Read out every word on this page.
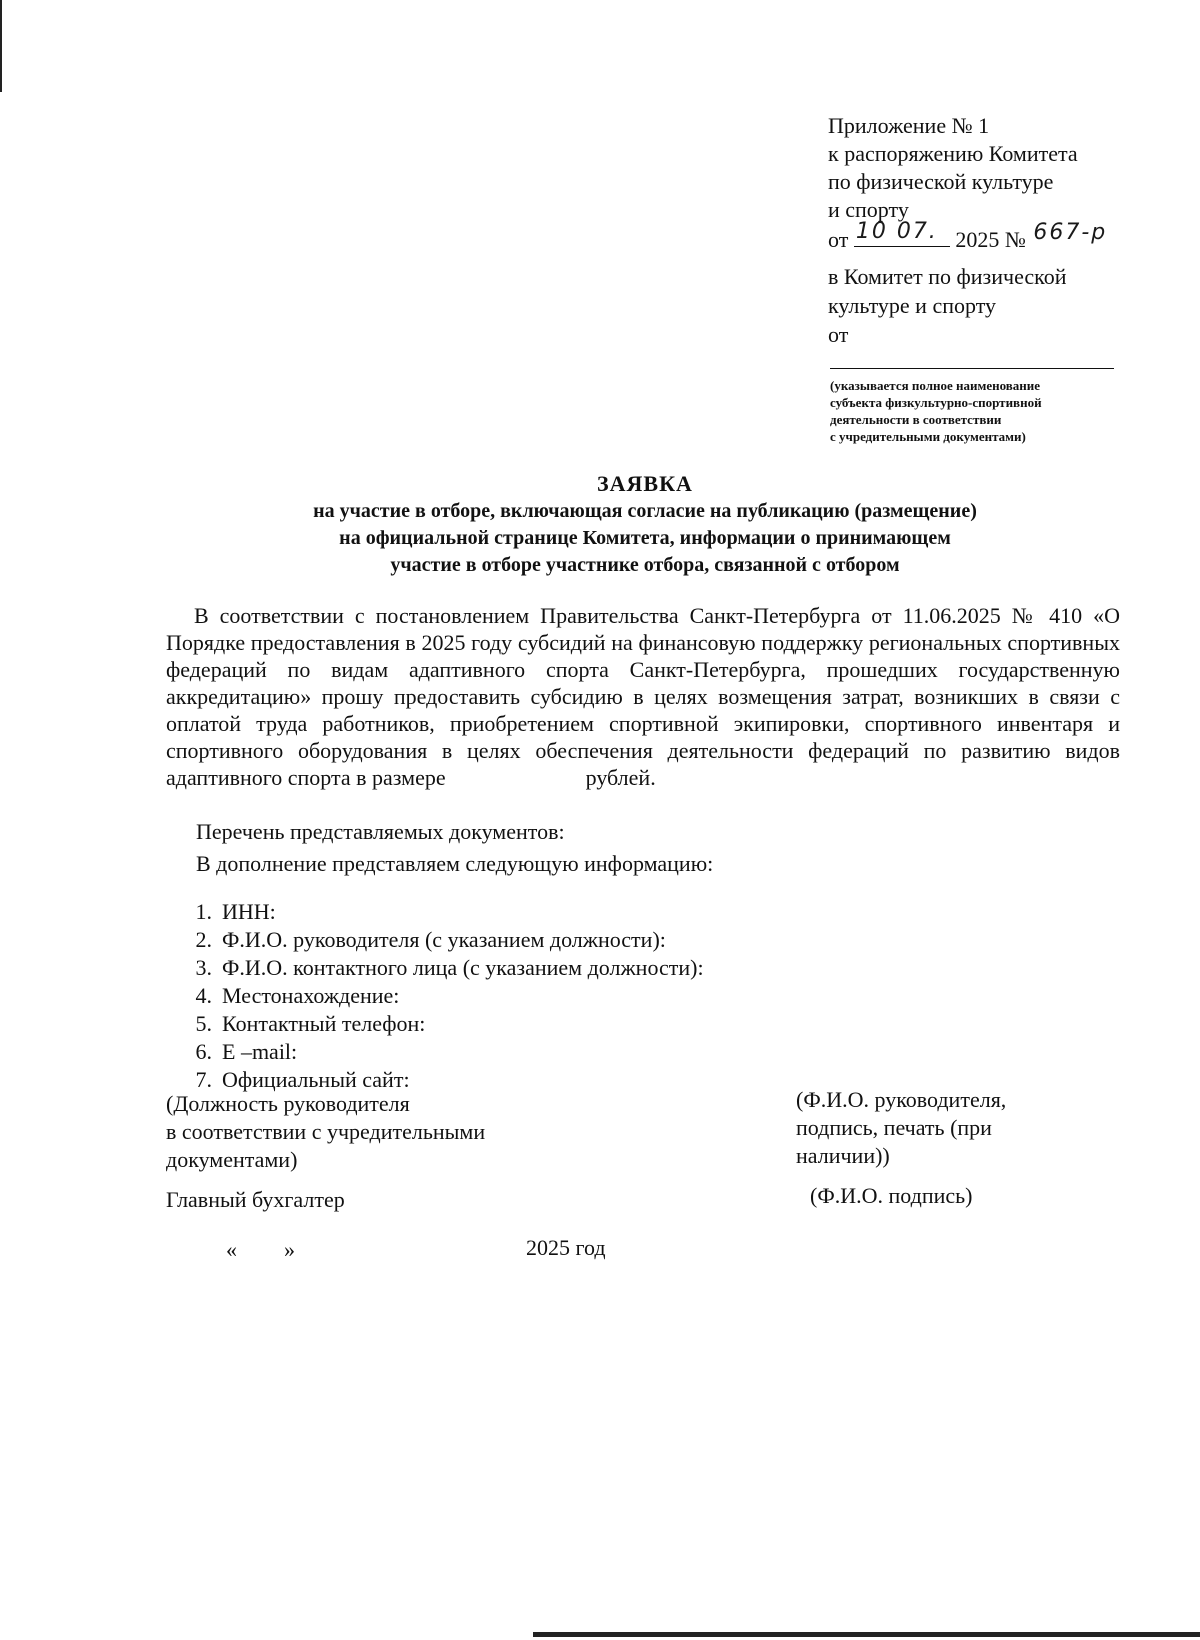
Приложение № 1
к распоряжению Комитета
по физической культуре
и спорту
от 10 07. 2025 № 667-р
в Комитет по физической
культуре и спорту
от
(указывается полное наименование
субъекта физкультурно-спортивной
деятельности в соответствии
с учредительными документами)
ЗАЯВКА
на участие в отборе, включающая согласие на публикацию (размещение)
на официальной странице Комитета, информации о принимающем
участие в отборе участнике отбора, связанной с отбором
В соответствии с постановлением Правительства Санкт-Петербурга от 11.06.2025 № 410 «О Порядке предоставления в 2025 году субсидий на финансовую поддержку региональных спортивных федераций по видам адаптивного спорта Санкт-Петербурга, прошедших государственную аккредитацию» прошу предоставить субсидию в целях возмещения затрат, возникших в связи с оплатой труда работников, приобретением спортивной экипировки, спортивного инвентаря и спортивного оборудования в целях обеспечения деятельности федераций по развитию видов адаптивного спорта в размере	рублей.
Перечень представляемых документов:
В дополнение представляем следующую информацию:
1. ИНН:
2. Ф.И.О. руководителя (с указанием должности):
3. Ф.И.О. контактного лица (с указанием должности):
4. Местонахождение:
5. Контактный телефон:
6. E –mail:
7. Официальный сайт:
(Должность руководителя
в соответствии с учредительными
документами)
(Ф.И.О. руководителя,
подпись, печать (при
наличии))
Главный бухгалтер	(Ф.И.О. подпись)
« »	2025 год
